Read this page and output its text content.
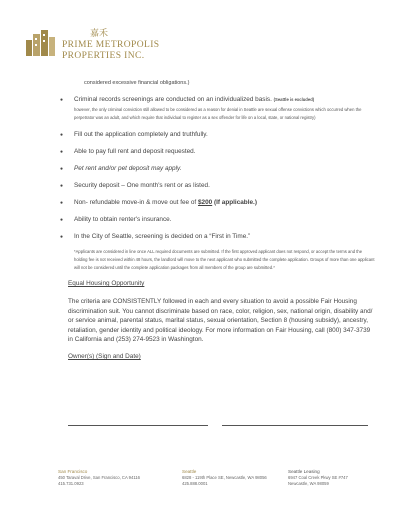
嘉禾
PRIME METROPOLIS
PROPERTIES INC.
considered excessive financial obligations.)
● Criminal records screenings are conducted on an individualized basis. (Seattle is excluded)
however, the only criminal conviction still allowed to be considered as a reason for denial in Seattle are sexual offense convictions which occurred when the perpetrator was an adult, and which require that individual to register as a sex offender for life on a local, state, or national registry)
● Fill out the application completely and truthfully.
● Able to pay full rent and deposit requested.
● Pet rent and/or pet deposit may apply.
● Security deposit – One month's rent or as listed.
● Non- refundable move-in & move out fee of $200 (If applicable.)
● Ability to obtain renter's insurance.
● In the City of Seattle, screening is decided on a “First in Time.”
*Applicants are considered in line once ALL required documents are submitted. If the first approved applicant does not respond, or accept the terms and the holding fee is not received within 48 hours, the landlord will move to the next applicant who submitted the complete application. Groups of more than one applicant will not be considered until the complete application packages from all members of the group are submitted.*
Equal Housing Opportunity
The criteria are CONSISTENTLY followed in each and every situation to avoid a possible Fair Housing discrimination suit. You cannot discriminate based on race, color, religion, sex, national origin, disability and/ or service animal, parental status, marital status, sexual orientation, Section 8 (housing subsidy), ancestry, retaliation, gender identity and political ideology. For more information on Fair Housing, call (800) 347-3739 in California and (253) 274-9523 in Washington.
Owner(s) (Sign and Date)
San Francisco
450 Taraval Drive, San Francisco, CA 94116
415.731.0923
Seattle
6828 - 119th Place SE, Newcastle, WA 98056
425.888.0001
Seattle Leasing
6947 Coal Creek Pkwy SE #747
Newcastle, WA 98059
